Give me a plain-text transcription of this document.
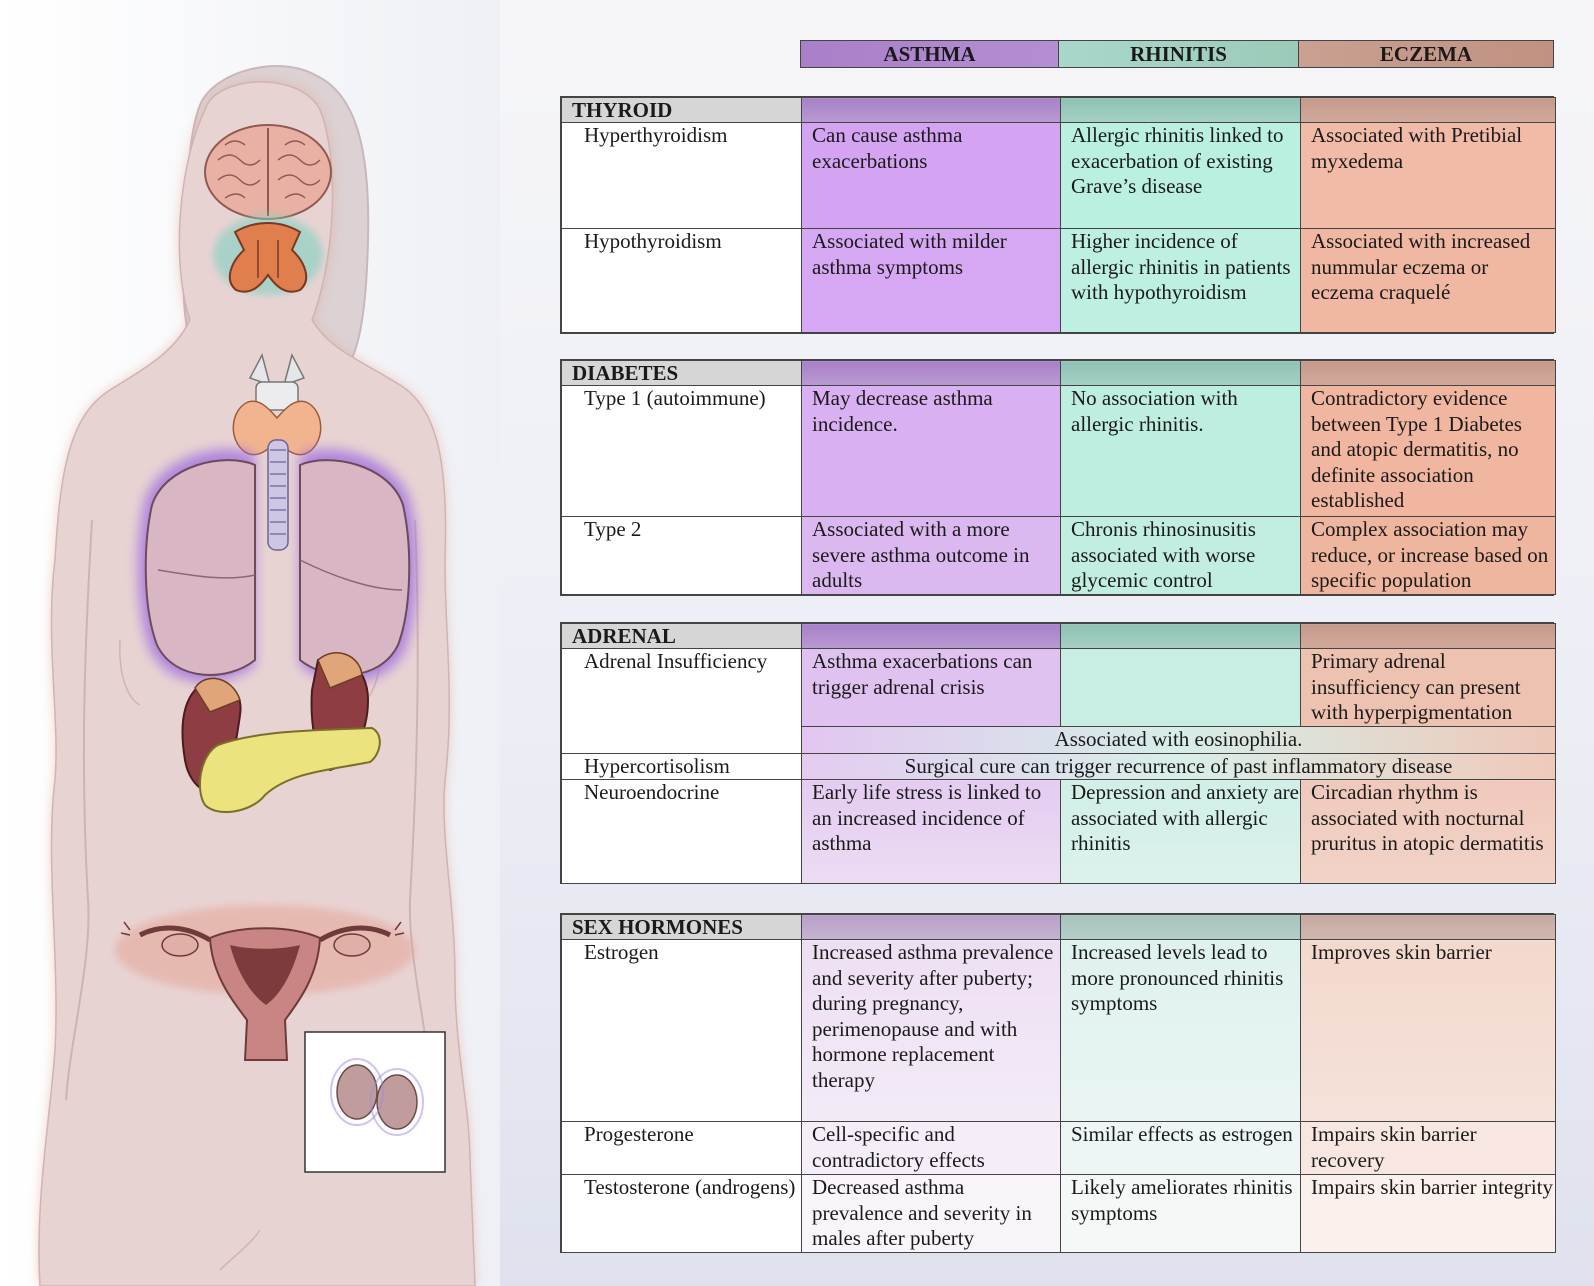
ASTHMA	RHINITIS	ECZEMA
THYROID			
Hyperthyroidism	Can cause asthma exacerbations	Allergic rhinitis linked to exacerbation of existing Grave’s disease	Associated with Pretibial myxedema
Hypothyroidism	Associated with milder asthma symptoms	Higher incidence of allergic rhinitis in patients with hypothyroidism	Associated with increased nummular eczema or eczema craquelé
DIABETES			
Type 1 (autoimmune)	May decrease asthma incidence.	No association with allergic rhinitis.	Contradictory evidence between Type 1 Diabetes and atopic dermatitis, no definite association established
Type 2	Associated with a more severe asthma outcome in adults	Chronis rhinosinusitis associated with worse glycemic control	Complex association may reduce, or increase based on specific population
ADRENAL			
Adrenal Insufficiency	Asthma exacerbations can trigger adrenal crisis		Primary adrenal insufficiency can present with hyperpigmentation
	Associated with eosinophilia.		
Hypercortisolism	Surgical cure can trigger recurrence of past inflammatory disease		
Neuroendocrine	Early life stress is linked to an increased incidence of asthma	Depression and anxiety are associated with allergic rhinitis	Circadian rhythm is associated with nocturnal pruritus in atopic dermatitis
SEX HORMONES			
Estrogen	Increased asthma prevalence and severity after puberty; during pregnancy, perimenopause and with hormone replacement therapy	Increased levels lead to more pronounced rhinitis symptoms	Improves skin barrier
Progesterone	Cell-specific and contradictory effects	Similar effects as estrogen	Impairs skin barrier recovery
Testosterone (androgens)	Decreased asthma prevalence and severity in males after puberty	Likely ameliorates rhinitis symptoms	Impairs skin barrier integrity
